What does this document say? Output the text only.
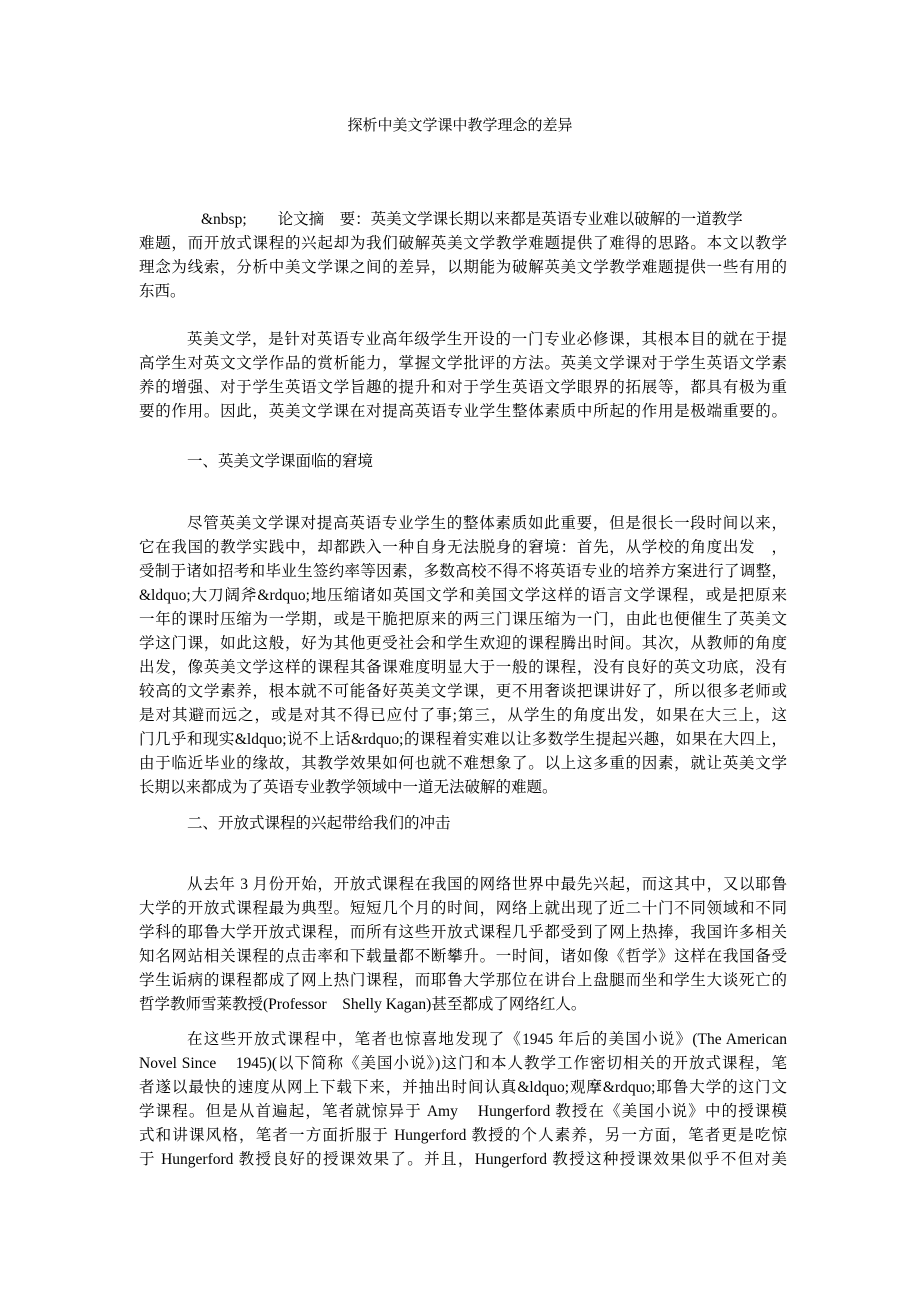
探析中美文学课中教学理念的差异
&nbsp;        论文摘    要：英美文学课长期以来都是英语专业难以破解的一道教学
难题，而开放式课程的兴起却为我们破解英美文学教学难题提供了难得的思路。本文以教学
理念为线索，分析中美文学课之间的差异，以期能为破解英美文学教学难题提供一些有用的
东西。
英美文学，是针对英语专业高年级学生开设的一门专业必修课，其根本目的就在于提
高学生对英文文学作品的赏析能力，掌握文学批评的方法。英美文学课对于学生英语文学素
养的增强、对于学生英语文学旨趣的提升和对于学生英语文学眼界的拓展等，都具有极为重
要的作用。因此，英美文学课在对提高英语专业学生整体素质中所起的作用是极端重要的。
一、英美文学课面临的窘境
尽管英美文学课对提高英语专业学生的整体素质如此重要，但是很长一段时间以来，
它在我国的教学实践中，却都跌入一种自身无法脱身的窘境：首先，从学校的角度出发　，
受制于诸如招考和毕业生签约率等因素，多数高校不得不将英语专业的培养方案进行了调整，
&ldquo;大刀阔斧&rdquo;地压缩诸如英国文学和美国文学这样的语言文学课程，或是把原来
一年的课时压缩为一学期，或是干脆把原来的两三门课压缩为一门，由此也便催生了英美文
学这门课，如此这般，好为其他更受社会和学生欢迎的课程腾出时间。其次，从教师的角度
出发，像英美文学这样的课程其备课难度明显大于一般的课程，没有良好的英文功底，没有
较高的文学素养，根本就不可能备好英美文学课，更不用奢谈把课讲好了，所以很多老师或
是对其避而远之，或是对其不得已应付了事;第三，从学生的角度出发，如果在大三上，这
门几乎和现实&ldquo;说不上话&rdquo;的课程着实难以让多数学生提起兴趣，如果在大四上，
由于临近毕业的缘故，其教学效果如何也就不难想象了。以上这多重的因素，就让英美文学
长期以来都成为了英语专业教学领域中一道无法破解的难题。
二、开放式课程的兴起带给我们的冲击
从去年 3 月份开始，开放式课程在我国的网络世界中最先兴起，而这其中，又以耶鲁
大学的开放式课程最为典型。短短几个月的时间，网络上就出现了近二十门不同领域和不同
学科的耶鲁大学开放式课程，而所有这些开放式课程几乎都受到了网上热捧，我国许多相关
知名网站相关课程的点击率和下载量都不断攀升。一时间，诸如像《哲学》这样在我国备受
学生诟病的课程都成了网上热门课程，而耶鲁大学那位在讲台上盘腿而坐和学生大谈死亡的
哲学教师雪莱教授(Professor    Shelly Kagan)甚至都成了网络红人。
在这些开放式课程中，笔者也惊喜地发现了《1945 年后的美国小说》(The American
Novel Since    1945)(以下简称《美国小说》)这门和本人教学工作密切相关的开放式课程，笔
者遂以最快的速度从网上下载下来，并抽出时间认真&ldquo;观摩&rdquo;耶鲁大学的这门文
学课程。但是从首遍起，笔者就惊异于 Amy    Hungerford 教授在《美国小说》中的授课模
式和讲课风格，笔者一方面折服于 Hungerford 教授的个人素养，另一方面，笔者更是吃惊
于 Hungerford 教授良好的授课效果了。并且，Hungerford 教授这种授课效果似乎不但对美
